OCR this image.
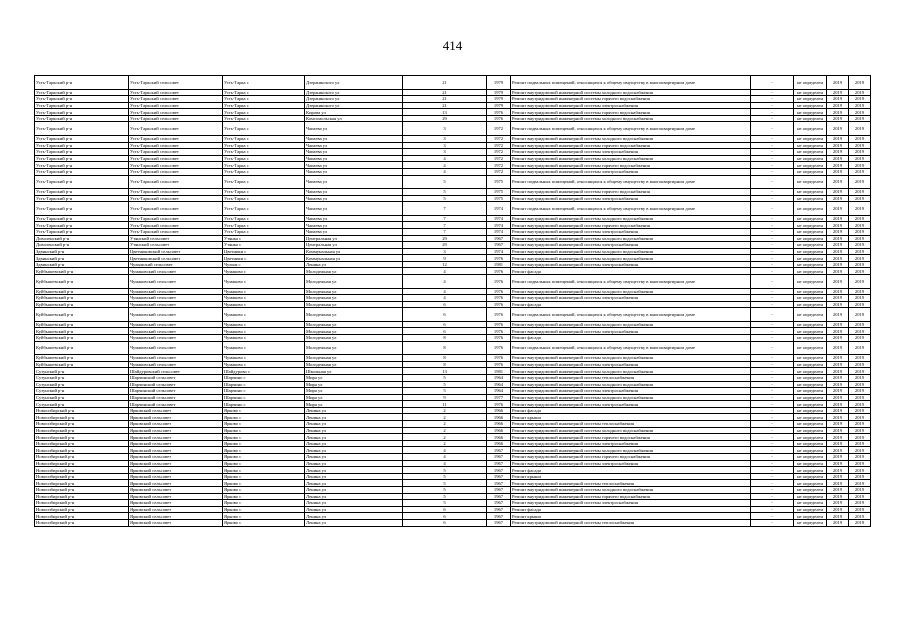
414
Усть-Таркский р-н	Усть-Таркский сельсовет	Усть-Тарка с	Дзержинского ул	21	1979	Ремонт подвальных помещений, относящихся к общему имуществу в многоквартирном доме	-	не определен	2019	2019
Усть-Таркский р-н	Усть-Таркский сельсовет	Усть-Тарка с	Дзержинского ул	21	1979	Ремонт внутридомовой инженерной системы холодного водоснабжения	-	не определен	2019	2019
Усть-Таркский р-н	Усть-Таркский сельсовет	Усть-Тарка с	Дзержинского ул	21	1979	Ремонт внутридомовой инженерной системы горячего водоснабжения	-	не определен	2019	2019
Усть-Таркский р-н	Усть-Таркский сельсовет	Усть-Тарка с	Дзержинского ул	21	1979	Ремонт внутридомовой инженерной системы электроснабжения	-	не определен	2019	2019
Усть-Таркский р-н	Усть-Таркский сельсовет	Усть-Тарка с	Кирова ул	13	1976	Ремонт внутридомовой инженерной системы горячего водоснабжения	-	не определен	2019	2019
Усть-Таркский р-н	Усть-Таркский сельсовет	Усть-Тарка с	Комсомольская ул	29	1976	Ремонт внутридомовой инженерной системы холодного водоснабжения	-	не определен	2019	2019
Усть-Таркский р-н	Усть-Таркский сельсовет	Усть-Тарка с	Чапаева ул	3	1972	Ремонт подвальных помещений, относящихся к общему имуществу в многоквартирном доме	-	не определен	2019	2019
Усть-Таркский р-н	Усть-Таркский сельсовет	Усть-Тарка с	Чапаева ул	3	1972	Ремонт внутридомовой инженерной системы холодного водоснабжения	-	не определен	2019	2019
Усть-Таркский р-н	Усть-Таркский сельсовет	Усть-Тарка с	Чапаева ул	3	1972	Ремонт внутридомовой инженерной системы горячего водоснабжения	-	не определен	2019	2019
Усть-Таркский р-н	Усть-Таркский сельсовет	Усть-Тарка с	Чапаева ул	3	1972	Ремонт внутридомовой инженерной системы электроснабжения	-	не определен	2019	2019
Усть-Таркский р-н	Усть-Таркский сельсовет	Усть-Тарка с	Чапаева ул	4	1972	Ремонт внутридомовой инженерной системы холодного водоснабжения	-	не определен	2019	2019
Усть-Таркский р-н	Усть-Таркский сельсовет	Усть-Тарка с	Чапаева ул	4	1972	Ремонт внутридомовой инженерной системы горячего водоснабжения	-	не определен	2019	2019
Усть-Таркский р-н	Усть-Таркский сельсовет	Усть-Тарка с	Чапаева ул	4	1972	Ремонт внутридомовой инженерной системы электроснабжения	-	не определен	2019	2019
Усть-Таркский р-н	Усть-Таркский сельсовет	Усть-Тарка с	Чапаева ул	5	1975	Ремонт подвальных помещений, относящихся к общему имуществу в многоквартирном доме	-	не определен	2019	2019
Усть-Таркский р-н	Усть-Таркский сельсовет	Усть-Тарка с	Чапаева ул	5	1975	Ремонт внутридомовой инженерной системы горячего водоснабжения	-	не определен	2019	2019
Усть-Таркский р-н	Усть-Таркский сельсовет	Усть-Тарка с	Чапаева ул	5	1975	Ремонт внутридомовой инженерной системы электроснабжения	-	не определен	2019	2019
Усть-Таркский р-н	Усть-Таркский сельсовет	Усть-Тарка с	Чапаева ул	7	1974	Ремонт подвальных помещений, относящихся к общему имуществу в многоквартирном доме	-	не определен	2019	2019
Усть-Таркский р-н	Усть-Таркский сельсовет	Усть-Тарка с	Чапаева ул	7	1974	Ремонт внутридомовой инженерной системы холодного водоснабжения	-	не определен	2019	2019
Усть-Таркский р-н	Усть-Таркский сельсовет	Усть-Тарка с	Чапаева ул	7	1974	Ремонт внутридомовой инженерной системы горячего водоснабжения	-	не определен	2019	2019
Усть-Таркский р-н	Усть-Таркский сельсовет	Усть-Тарка с	Чапаева ул	7	1974	Ремонт внутридомовой инженерной системы электроснабжения	-	не определен	2019	2019
Доволенский р-н	Утянский сельсовет	Утянка с	Центральная ул	29	1967	Ремонт внутридомовой инженерной системы холодного водоснабжения	-	не определен	2019	2019
Доволенский р-н	Утянский сельсовет	Утянка с	Центральная ул	29	1967	Ремонт внутридомовой инженерной системы электроснабжения	-	не определен	2019	2019
Здвинский р-н	Цветниковский сельсовет	Цветники с	Коммунальная ул	3	1974	Ремонт внутридомовой инженерной системы холодного водоснабжения	-	не определен	2019	2019
Здвинский р-н	Цветниковский сельсовет	Цветники с	Коммунальная ул	9	1976	Ремонт внутридомовой инженерной системы холодного водоснабжения	-	не определен	2019	2019
Здвинский р-н	Чулымский сельсовет	Чулым с	Ленина ул	12	1981	Ремонт внутридомовой инженерной системы электроснабжения	-	не определен	2019	2019
Куйбышевский р-н	Чумаковский сельсовет	Чумаково с	Молодежная ул	4	1976	Ремонт фасада	-	не определен	2019	2019
Куйбышевский р-н	Чумаковский сельсовет	Чумаково с	Молодежная ул	4	1976	Ремонт подвальных помещений, относящихся к общему имуществу в многоквартирном доме	-	не определен	2019	2019
Куйбышевский р-н	Чумаковский сельсовет	Чумаково с	Молодежная ул	4	1976	Ремонт внутридомовой инженерной системы холодного водоснабжения	-	не определен	2019	2019
Куйбышевский р-н	Чумаковский сельсовет	Чумаково с	Молодежная ул	4	1976	Ремонт внутридомовой инженерной системы электроснабжения	-	не определен	2019	2019
Куйбышевский р-н	Чумаковский сельсовет	Чумаково с	Молодежная ул	6	1976	Ремонт фасада	-	не определен	2019	2019
Куйбышевский р-н	Чумаковский сельсовет	Чумаково с	Молодежная ул	6	1976	Ремонт подвальных помещений, относящихся к общему имуществу в многоквартирном доме	-	не определен	2019	2019
Куйбышевский р-н	Чумаковский сельсовет	Чумаково с	Молодежная ул	6	1976	Ремонт внутридомовой инженерной системы холодного водоснабжения	-	не определен	2019	2019
Куйбышевский р-н	Чумаковский сельсовет	Чумаково с	Молодежная ул	6	1976	Ремонт внутридомовой инженерной системы электроснабжения	-	не определен	2019	2019
Куйбышевский р-н	Чумаковский сельсовет	Чумаково с	Молодежная ул	8	1976	Ремонт фасада	-	не определен	2019	2019
Куйбышевский р-н	Чумаковский сельсовет	Чумаково с	Молодежная ул	8	1976	Ремонт подвальных помещений, относящихся к общему имуществу в многоквартирном доме	-	не определен	2019	2019
Куйбышевский р-н	Чумаковский сельсовет	Чумаково с	Молодежная ул	8	1976	Ремонт внутридомовой инженерной системы холодного водоснабжения	-	не определен	2019	2019
Куйбышевский р-н	Чумаковский сельсовет	Чумаково с	Молодежная ул	8	1976	Ремонт внутридомовой инженерной системы электроснабжения	-	не определен	2019	2019
Сузунский р-н	Шайдуровский сельсовет	Шайдурово с	Школьная ул	13	1981	Ремонт внутридомовой инженерной системы холодного водоснабжения	-	не определен	2019	2019
Сузунский р-н	Шарчинский сельсовет	Шарчино с	Мира ул	5	1964	Ремонт внутридомовой инженерной системы теплоснабжения	-	не определен	2019	2019
Сузунский р-н	Шарчинский сельсовет	Шарчино с	Мира ул	5	1964	Ремонт внутридомовой инженерной системы холодного водоснабжения	-	не определен	2019	2019
Сузунский р-н	Шарчинский сельсовет	Шарчино с	Мира ул	5	1964	Ремонт внутридомовой инженерной системы электроснабжения	-	не определен	2019	2019
Сузунский р-н	Шарчинский сельсовет	Шарчино с	Мира ул	9	1977	Ремонт внутридомовой инженерной системы холодного водоснабжения	-	не определен	2019	2019
Сузунский р-н	Шарчинский сельсовет	Шарчино с	Мира ул	11	1976	Ремонт внутридомовой инженерной системы электроснабжения	-	не определен	2019	2019
Новосибирский р-н	Ярковский сельсовет	Ярково с	Ленина ул	2	1966	Ремонт фасада	-	не определен	2019	2019
Новосибирский р-н	Ярковский сельсовет	Ярково с	Ленина ул	2	1966	Ремонт крыши	-	не определен	2019	2019
Новосибирский р-н	Ярковский сельсовет	Ярково с	Ленина ул	2	1966	Ремонт внутридомовой инженерной системы теплоснабжения	-	не определен	2019	2019
Новосибирский р-н	Ярковский сельсовет	Ярково с	Ленина ул	2	1966	Ремонт внутридомовой инженерной системы холодного водоснабжения	-	не определен	2019	2019
Новосибирский р-н	Ярковский сельсовет	Ярково с	Ленина ул	2	1966	Ремонт внутридомовой инженерной системы горячего водоснабжения	-	не определен	2019	2019
Новосибирский р-н	Ярковский сельсовет	Ярково с	Ленина ул	2	1966	Ремонт внутридомовой инженерной системы электроснабжения	-	не определен	2019	2019
Новосибирский р-н	Ярковский сельсовет	Ярково с	Ленина ул	4	1967	Ремонт внутридомовой инженерной системы холодного водоснабжения	-	не определен	2019	2019
Новосибирский р-н	Ярковский сельсовет	Ярково с	Ленина ул	4	1967	Ремонт внутридомовой инженерной системы горячего водоснабжения	-	не определен	2019	2019
Новосибирский р-н	Ярковский сельсовет	Ярково с	Ленина ул	4	1967	Ремонт внутридомовой инженерной системы электроснабжения	-	не определен	2019	2019
Новосибирский р-н	Ярковский сельсовет	Ярково с	Ленина ул	5	1967	Ремонт фасада	-	не определен	2019	2019
Новосибирский р-н	Ярковский сельсовет	Ярково с	Ленина ул	5	1967	Ремонт крыши	-	не определен	2019	2019
Новосибирский р-н	Ярковский сельсовет	Ярково с	Ленина ул	5	1967	Ремонт внутридомовой инженерной системы теплоснабжения	-	не определен	2019	2019
Новосибирский р-н	Ярковский сельсовет	Ярково с	Ленина ул	5	1967	Ремонт внутридомовой инженерной системы холодного водоснабжения	-	не определен	2019	2019
Новосибирский р-н	Ярковский сельсовет	Ярково с	Ленина ул	5	1967	Ремонт внутридомовой инженерной системы горячего водоснабжения	-	не определен	2019	2019
Новосибирский р-н	Ярковский сельсовет	Ярково с	Ленина ул	5	1967	Ремонт внутридомовой инженерной системы электроснабжения	-	не определен	2019	2019
Новосибирский р-н	Ярковский сельсовет	Ярково с	Ленина ул	6	1967	Ремонт фасада	-	не определен	2019	2019
Новосибирский р-н	Ярковский сельсовет	Ярково с	Ленина ул	6	1967	Ремонт крыши	-	не определен	2019	2019
Новосибирский р-н	Ярковский сельсовет	Ярково с	Ленина ул	6	1967	Ремонт внутридомовой инженерной системы теплоснабжения	-	не определен	2019	2019
